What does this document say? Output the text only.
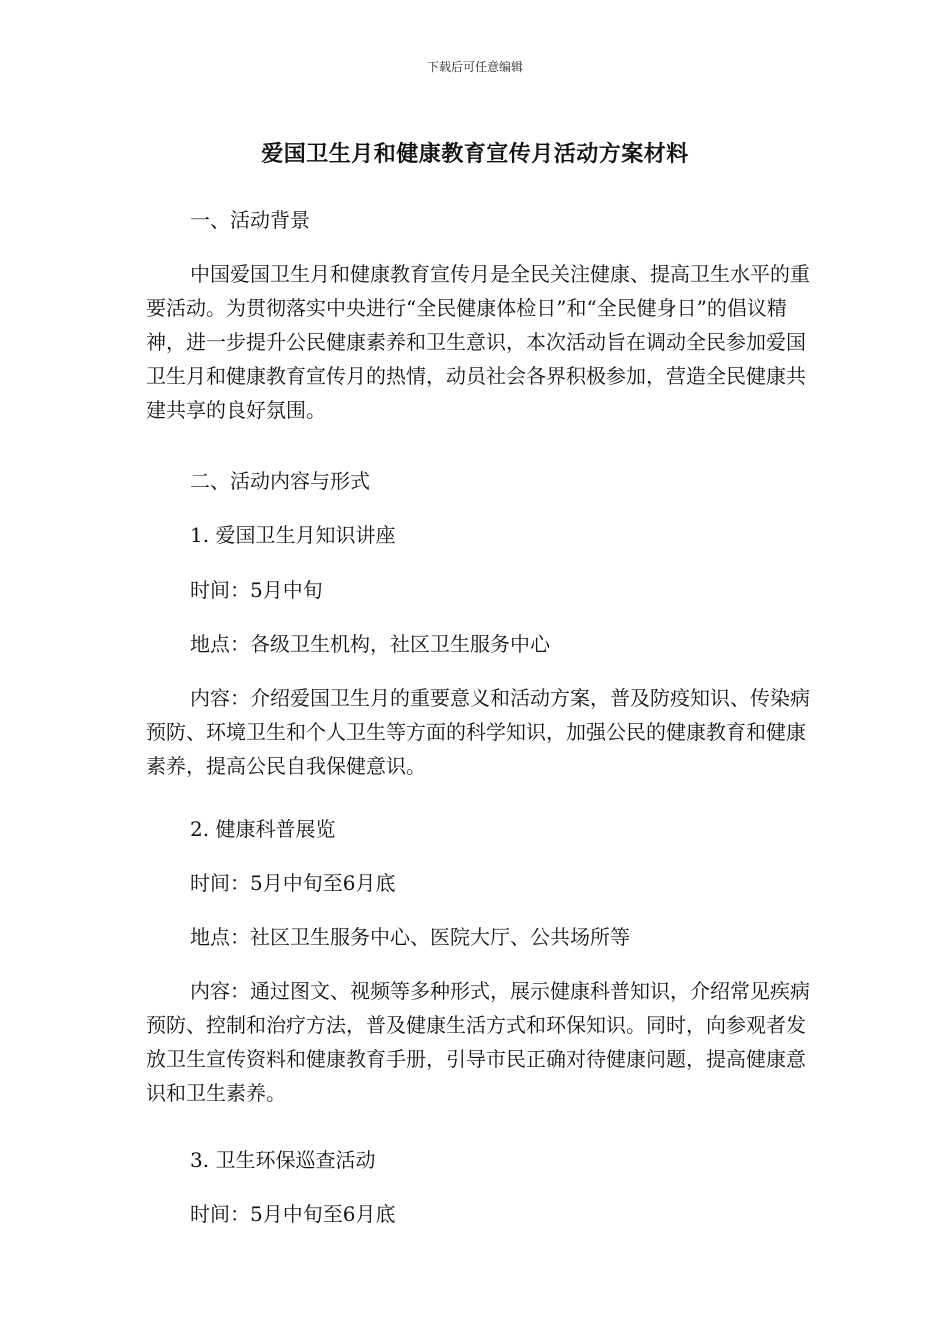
下载后可任意编辑
爱国卫生月和健康教育宣传月活动方案材料
一、活动背景

中国爱国卫生月和健康教育宣传月是全民关注健康、提高卫生水平的重要活动。为贯彻落实中央进行“全民健康体检日”和“全民健身日”的倡议精神，进一步提升公民健康素养和卫生意识，本次活动旨在调动全民参加爱国卫生月和健康教育宣传月的热情，动员社会各界积极参加，营造全民健康共建共享的良好氛围。

二、活动内容与形式
1. 爱国卫生月知识讲座
时间：5月中旬
地点：各级卫生机构，社区卫生服务中心

内容：介绍爱国卫生月的重要意义和活动方案，普及防疫知识、传染病预防、环境卫生和个人卫生等方面的科学知识，加强公民的健康教育和健康素养，提高公民自我保健意识。

2. 健康科普展览
时间：5月中旬至6月底
地点：社区卫生服务中心、医院大厅、公共场所等

内容：通过图文、视频等多种形式，展示健康科普知识，介绍常见疾病预防、控制和治疗方法，普及健康生活方式和环保知识。同时，向参观者发放卫生宣传资料和健康教育手册，引导市民正确对待健康问题，提高健康意识和卫生素养。

3. 卫生环保巡查活动
时间：5月中旬至6月底
